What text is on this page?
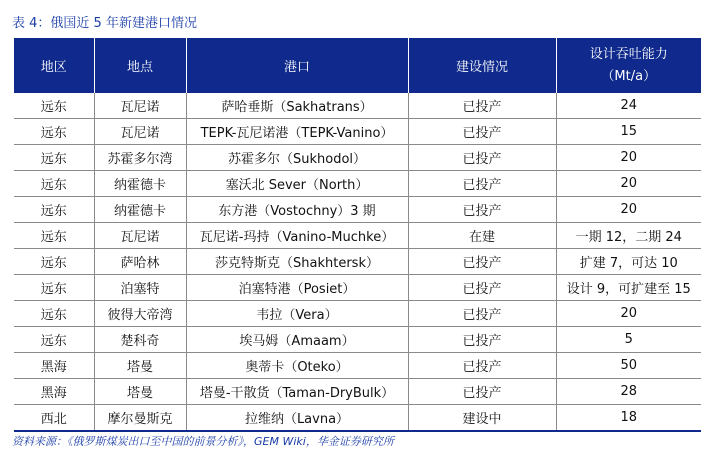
表 4：俄国近 5 年新建港口情况
地区	地点	港口	建设情况	设计吞吐能力
（Mt/a）

远东	瓦尼诺	萨哈垂斯（Sakhatrans）	已投产	24
远东	瓦尼诺	TEPK-瓦尼诺港（TEPK-Vanino）	已投产	15
远东	苏霍多尔湾	苏霍多尔（Sukhodol）	已投产	20
远东	纳霍德卡	塞沃北 Sever（North）	已投产	20
远东	纳霍德卡	东方港（Vostochny）3 期	已投产	20
远东	瓦尼诺	瓦尼诺-玛持（Vanino-Muchke）	在建	一期 12，二期 24
远东	萨哈林	莎克特斯克（Shakhtersk）	已投产	扩建 7，可达 10
远东	泊塞特	泊塞特港（Posiet）	已投产	设计 9，可扩建至 15
远东	彼得大帝湾	韦拉（Vera）	已投产	20
远东	楚科奇	埃马姆（Amaam）	已投产	5
黑海	塔曼	奥蒂卡（Oteko）	已投产	50
黑海	塔曼	塔曼-干散货（Taman-DryBulk）	已投产	28
西北	摩尔曼斯克	拉维纳（Lavna）	建设中	18
资料来源：《俄罗斯煤炭出口至中国的前景分析》，GEM Wiki，华金证券研究所
